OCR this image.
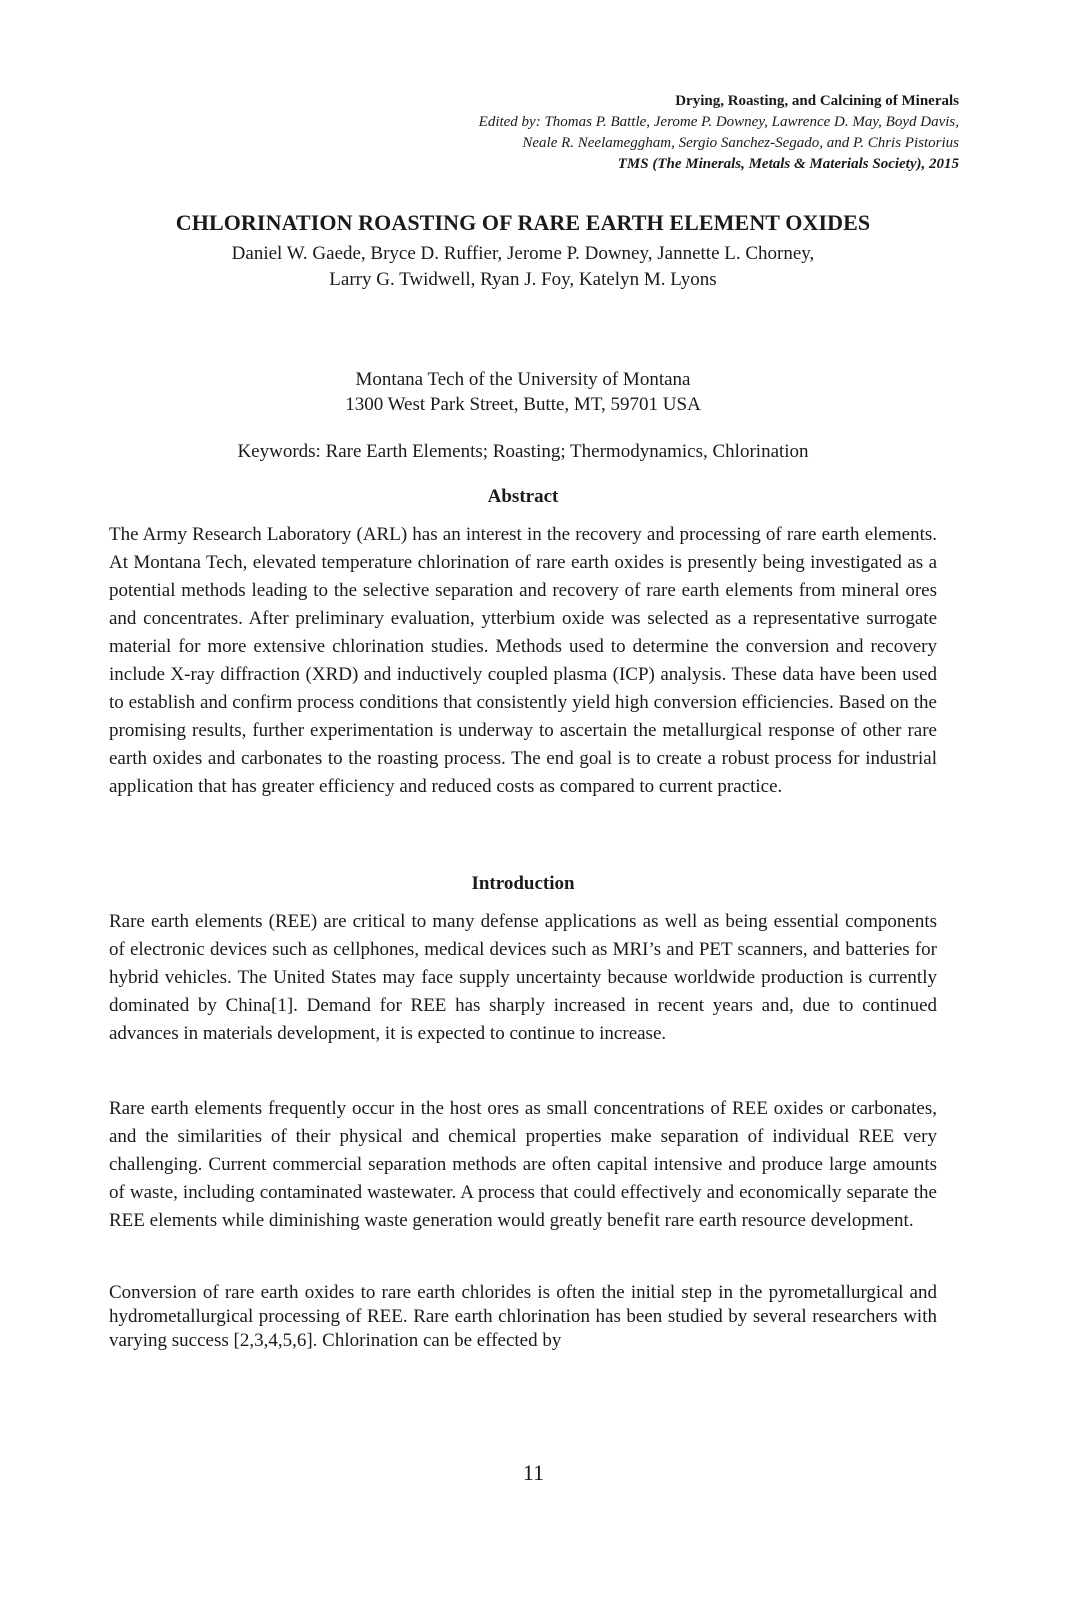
Drying, Roasting, and Calcining of Minerals
Edited by: Thomas P. Battle, Jerome P. Downey, Lawrence D. May, Boyd Davis,
Neale R. Neelameggham, Sergio Sanchez-Segado, and P. Chris Pistorius
TMS (The Minerals, Metals & Materials Society), 2015
CHLORINATION ROASTING OF RARE EARTH ELEMENT OXIDES
Daniel W. Gaede, Bryce D. Ruffier, Jerome P. Downey, Jannette L. Chorney,
Larry G. Twidwell, Ryan J. Foy, Katelyn M. Lyons
Montana Tech of the University of Montana
1300 West Park Street, Butte, MT, 59701 USA
Keywords: Rare Earth Elements; Roasting; Thermodynamics, Chlorination
Abstract

The Army Research Laboratory (ARL) has an interest in the recovery and processing of rare earth elements. At Montana Tech, elevated temperature chlorination of rare earth oxides is presently being investigated as a potential methods leading to the selective separation and recovery of rare earth elements from mineral ores and concentrates. After preliminary evaluation, ytterbium oxide was selected as a representative surrogate material for more extensive chlorination studies. Methods used to determine the conversion and recovery include X-ray diffraction (XRD) and inductively coupled plasma (ICP) analysis. These data have been used to establish and confirm process conditions that consistently yield high conversion efficiencies. Based on the promising results, further experimentation is underway to ascertain the metallurgical response of other rare earth oxides and carbonates to the roasting process. The end goal is to create a robust process for industrial application that has greater efficiency and reduced costs as compared to current practice.

Introduction

Rare earth elements (REE) are critical to many defense applications as well as being essential components of electronic devices such as cellphones, medical devices such as MRI’s and PET scanners, and batteries for hybrid vehicles. The United States may face supply uncertainty because worldwide production is currently dominated by China[1]. Demand for REE has sharply increased in recent years and, due to continued advances in materials development, it is expected to continue to increase.

Rare earth elements frequently occur in the host ores as small concentrations of REE oxides or carbonates, and the similarities of their physical and chemical properties make separation of individual REE very challenging. Current commercial separation methods are often capital intensive and produce large amounts of waste, including contaminated wastewater. A process that could effectively and economically separate the REE elements while diminishing waste generation would greatly benefit rare earth resource development.

Conversion of rare earth oxides to rare earth chlorides is often the initial step in the pyrometallurgical and hydrometallurgical processing of REE. Rare earth chlorination has been studied by several researchers with varying success [2,3,4,5,6]. Chlorination can be effected by

11
